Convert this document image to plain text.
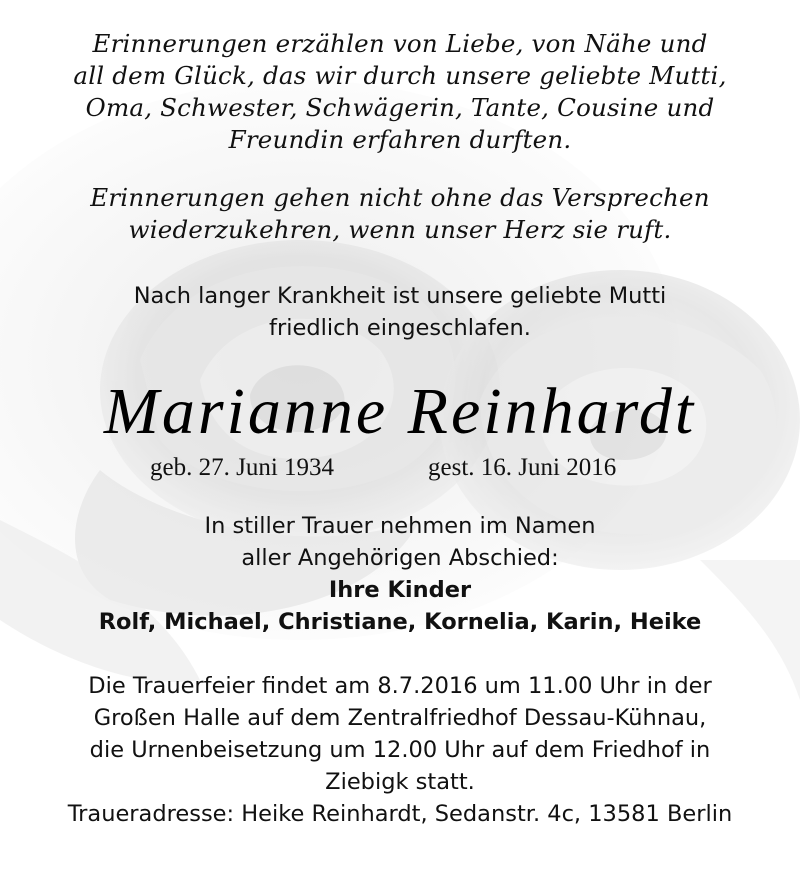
Erinnerungen erzählen von Liebe, von Nähe und
all dem Glück, das wir durch unsere geliebte Mutti,
Oma, Schwester, Schwägerin, Tante, Cousine und
Freundin erfahren durften.
Erinnerungen gehen nicht ohne das Versprechen
wiederzukehren, wenn unser Herz sie ruft.
Nach langer Krankheit ist unsere geliebte Mutti
friedlich eingeschlafen.
Marianne Reinhardt
geb. 27. Juni 1934	gest. 16. Juni 2016
In stiller Trauer nehmen im Namen
aller Angehörigen Abschied:
Ihre Kinder
Rolf, Michael, Christiane, Kornelia, Karin, Heike
Die Trauerfeier findet am 8.7.2016 um 11.00 Uhr in der
Großen Halle auf dem Zentralfriedhof Dessau-Kühnau,
die Urnenbeisetzung um 12.00 Uhr auf dem Friedhof in
Ziebigk statt.
Traueradresse: Heike Reinhardt, Sedanstr. 4c, 13581 Berlin
